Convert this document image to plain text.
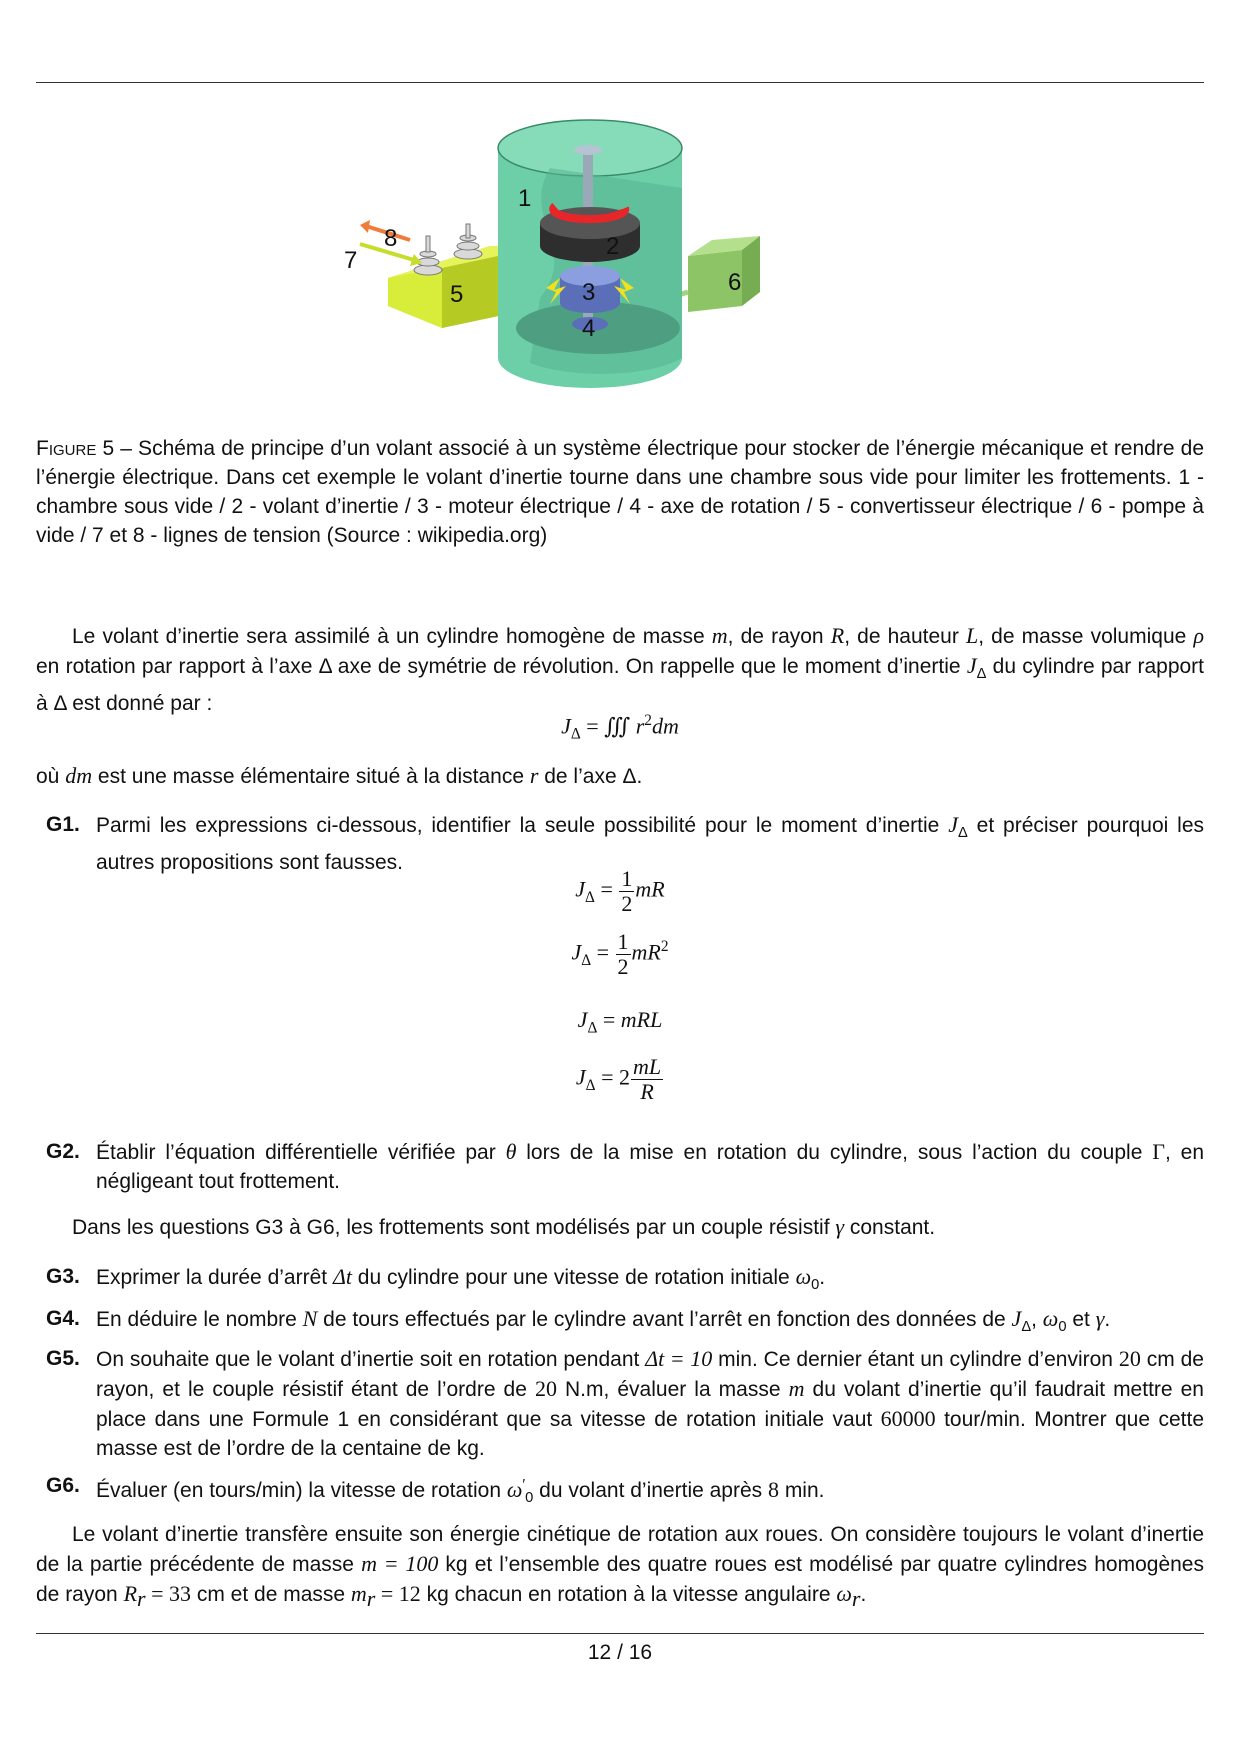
1
2
3
4
5	6
7
8
Figure 5 – Schéma de principe d’un volant associé à un système électrique pour stocker de l’énergie mécanique et rendre de l’énergie électrique. Dans cet exemple le volant d’inertie tourne dans une chambre sous vide pour limiter les frottements. 1 - chambre sous vide / 2 - volant d’inertie / 3 - moteur électrique / 4 - axe de rotation / 5 - convertisseur électrique / 6 - pompe à vide / 7 et 8 - lignes de tension (Source : wikipedia.org)
Le volant d’inertie sera assimilé à un cylindre homogène de masse m, de rayon R, de hauteur L, de masse volumique ρ en rotation par rapport à l’axe Δ axe de symétrie de révolution. On rappelle que le moment d’inertie $J_\Delta$ du cylindre par rapport à Δ est donné par :
$J_\Delta$ = ∭ $r^2dm$
où dm est une masse élémentaire situé à la distance r de l’axe Δ.
G1. Parmi les expressions ci-dessous, identifier la seule possibilité pour le moment d’inertie $J_\Delta$ et préciser pourquoi les autres propositions sont fausses.
$J_\Delta = \frac{1}{2}$ mR
$J_\Delta = \frac{1}{2} mR^2$
$J_\Delta$ = mRL
$J_\Delta = 2 \frac{mL}{R}$
G2. Établir l’équation différentielle vérifiée par θ lors de la mise en rotation du cylindre, sous l’action du couple Γ, en négligeant tout frottement.
Dans les questions G3 à G6, les frottements sont modélisés par un couple résistif γ constant.
G3. Exprimer la durée d’arrêt Δt du cylindre pour une vitesse de rotation initiale $\omega_0$.
G4. En déduire le nombre N de tours effectués par le cylindre avant l’arrêt en fonction des données de $J_\Delta$, $\omega_0$ et γ.
G5. On souhaite que le volant d’inertie soit en rotation pendant Δt = 10 min. Ce dernier étant un cylindre d’environ 20 cm de rayon, et le couple résistif étant de l’ordre de 20 N.m, évaluer la masse m du volant d’inertie qu’il faudrait mettre en place dans une Formule 1 en considérant que sa vitesse de rotation initiale vaut 60000 tour/min. Montrer que cette masse est de l’ordre de la centaine de kg.
G6. Évaluer (en tours/min) la vitesse de rotation $\omega'_0$ du volant d’inertie après 8 min.
Le volant d’inertie transfère ensuite son énergie cinétique de rotation aux roues. On considère toujours le volant d’inertie de la partie précédente de masse m = 100 kg et l’ensemble des quatre roues est modélisé par quatre cylindres homogènes de rayon $R_r = 33$ cm et de masse $m_r = 12$ kg chacun en rotation à la vitesse angulaire $\omega_r$.
12 / 16
